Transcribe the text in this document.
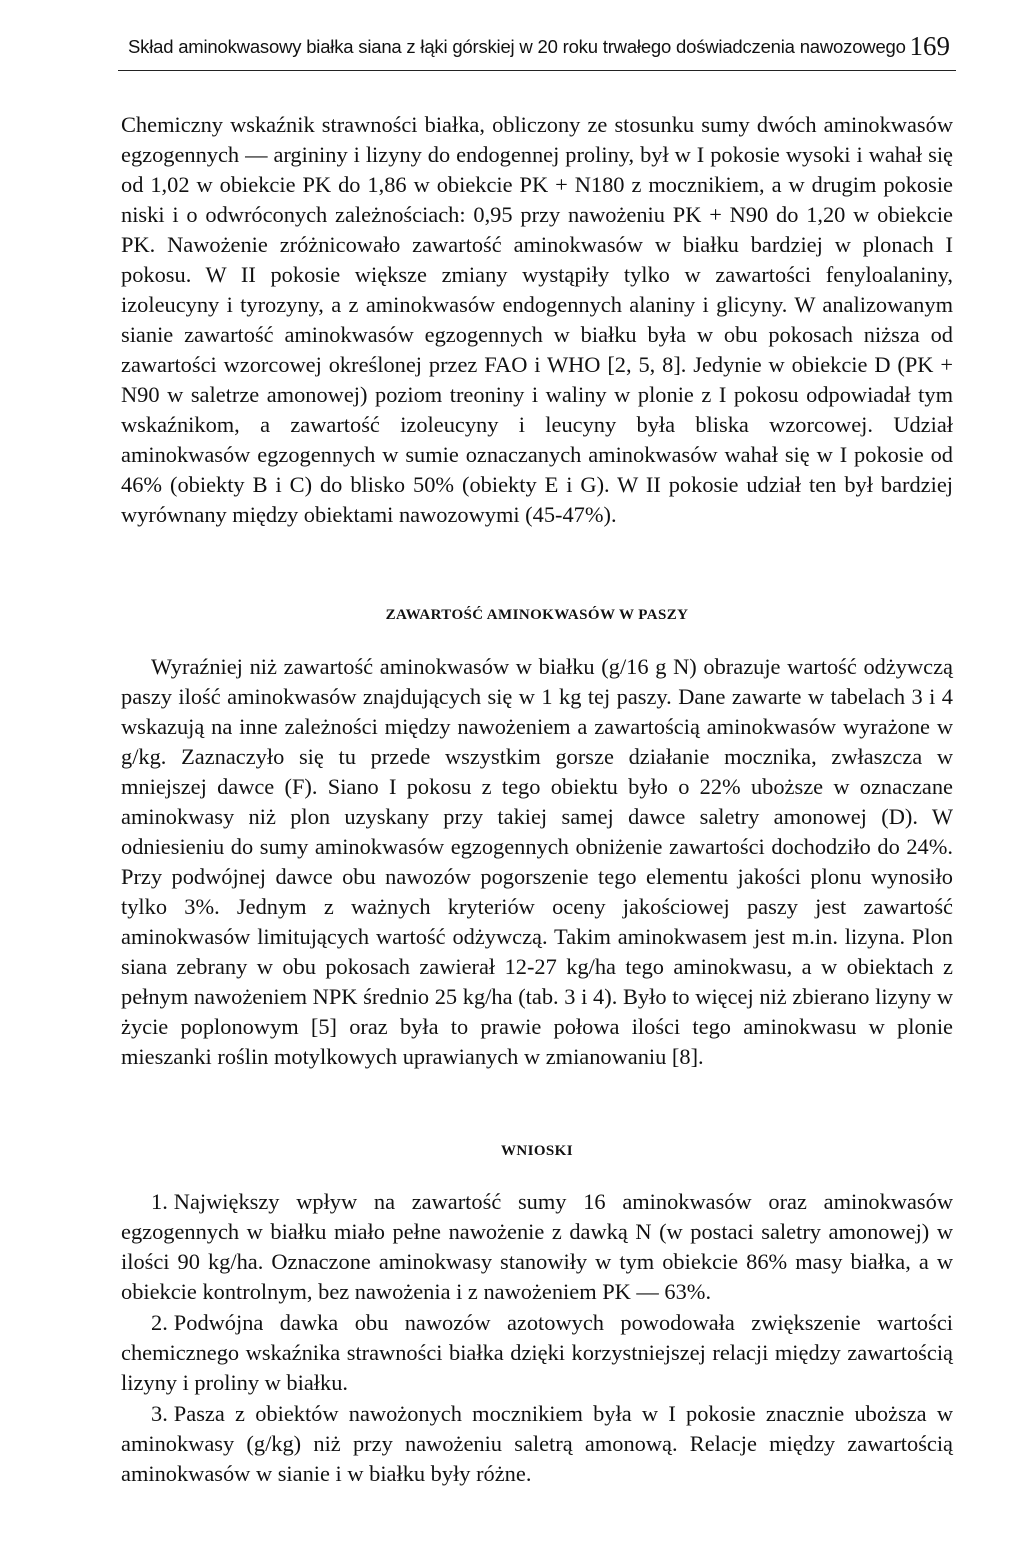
Skład aminokwasowy białka siana z łąki górskiej w 20 roku trwałego doświadczenia nawozowego 169

Chemiczny wskaźnik strawności białka, obliczony ze stosunku sumy dwóch aminokwasów egzogennych — argininy i lizyny do endogennej proliny, był w I pokosie wysoki i wahał się od 1,02 w obiekcie PK do 1,86 w obiekcie PK + N180 z mocznikiem, a w drugim pokosie niski i o odwróconych zależnościach: 0,95 przy nawożeniu PK + N90 do 1,20 w obiekcie PK. Nawożenie zróżnicowało zawartość aminokwasów w białku bardziej w plonach I pokosu. W II pokosie większe zmiany wystąpiły tylko w zawartości fenyloalaniny, izoleucyny i tyrozyny, a z aminokwasów endogennych alaniny i glicyny. W analizowanym sianie zawartość aminokwasów egzogennych w białku była w obu pokosach niższa od zawartości wzorcowej określonej przez FAO i WHO [2, 5, 8]. Jedynie w obiekcie D (PK + N90 w saletrze amonowej) poziom treoniny i waliny w plonie z I pokosu odpowiadał tym wskaźnikom, a zawartość izoleucyny i leucyny była bliska wzorcowej. Udział aminokwasów egzogennych w sumie oznaczanych aminokwasów wahał się w I pokosie od 46% (obiekty B i C) do blisko 50% (obiekty E i G). W II pokosie udział ten był bardziej wyrównany między obiektami nawozowymi (45-47%).

ZAWARTOŚĆ AMINOKWASÓW W PASZY

Wyraźniej niż zawartość aminokwasów w białku (g/16 g N) obrazuje wartość odżywczą paszy ilość aminokwasów znajdujących się w 1 kg tej paszy. Dane zawarte w tabelach 3 i 4 wskazują na inne zależności między nawożeniem a zawartością aminokwasów wyrażone w g/kg. Zaznaczyło się tu przede wszystkim gorsze działanie mocznika, zwłaszcza w mniejszej dawce (F). Siano I pokosu z tego obiektu było o 22% uboższe w oznaczane aminokwasy niż plon uzyskany przy takiej samej dawce saletry amonowej (D). W odniesieniu do sumy aminokwasów egzogennych obniżenie zawartości dochodziło do 24%. Przy podwójnej dawce obu nawozów pogorszenie tego elementu jakości plonu wynosiło tylko 3%. Jednym z ważnych kryteriów oceny jakościowej paszy jest zawartość aminokwasów limitujących wartość odżywczą. Takim aminokwasem jest m.in. lizyna. Plon siana zebrany w obu pokosach zawierał 12-27 kg/ha tego aminokwasu, a w obiektach z pełnym nawożeniem NPK średnio 25 kg/ha (tab. 3 i 4). Było to więcej niż zbierano lizyny w życie poplonowym [5] oraz była to prawie połowa ilości tego aminokwasu w plonie mieszanki roślin motylkowych uprawianych w zmianowaniu [8].

WNIOSKI
1. Największy wpływ na zawartość sumy 16 aminokwasów oraz aminokwasów egzogennych w białku miało pełne nawożenie z dawką N (w postaci saletry amonowej) w ilości 90 kg/ha. Oznaczone aminokwasy stanowiły w tym obiekcie 86% masy białka, a w obiekcie kontrolnym, bez nawożenia i z nawożeniem PK — 63%.
2. Podwójna dawka obu nawozów azotowych powodowała zwiększenie wartości chemicznego wskaźnika strawności białka dzięki korzystniejszej relacji między zawartością lizyny i proliny w białku.
3. Pasza z obiektów nawożonych mocznikiem była w I pokosie znacznie uboższa w aminokwasy (g/kg) niż przy nawożeniu saletrą amonową. Relacje między zawartością aminokwasów w sianie i w białku były różne.
